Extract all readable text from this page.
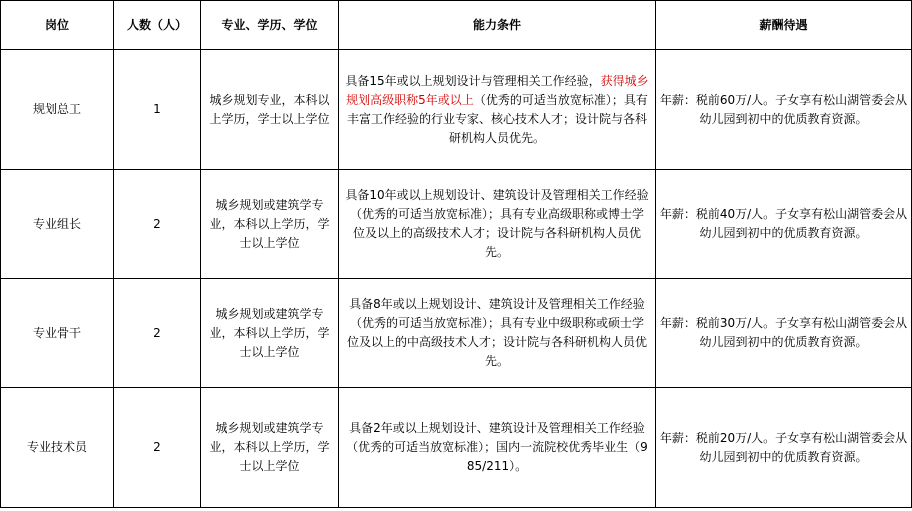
岗位	人数（人）	专业、学历、学位	能力条件	薪酬待遇
规划总工	1	城乡规划专业，本科以上学历，学士以上学位	具备15年或以上规划设计与管理相关工作经验，获得城乡规划高级职称5年或以上（优秀的可适当放宽标准）；具有丰富工作经验的行业专家、核心技术人才；设计院与各科研机构人员优先。	年薪：税前60万/人。子女享有松山湖管委会从幼儿园到初中的优质教育资源。
专业组长	2	城乡规划或建筑学专业，本科以上学历，学士以上学位	具备10年或以上规划设计、建筑设计及管理相关工作经验（优秀的可适当放宽标准）；具有专业高级职称或博士学位及以上的高级技术人才；设计院与各科研机构人员优先。	年薪：税前40万/人。子女享有松山湖管委会从幼儿园到初中的优质教育资源。
专业骨干	2	城乡规划或建筑学专业，本科以上学历，学士以上学位	具备8年或以上规划设计、建筑设计及管理相关工作经验（优秀的可适当放宽标准）；具有专业中级职称或硕士学位及以上的中高级技术人才；设计院与各科研机构人员优先。	年薪：税前30万/人。子女享有松山湖管委会从幼儿园到初中的优质教育资源。
专业技术员	2	城乡规划或建筑学专业，本科以上学历，学士以上学位	具备2年或以上规划设计、建筑设计及管理相关工作经验（优秀的可适当放宽标准）；国内一流院校优秀毕业生（985/211）。	年薪：税前20万/人。子女享有松山湖管委会从幼儿园到初中的优质教育资源。
